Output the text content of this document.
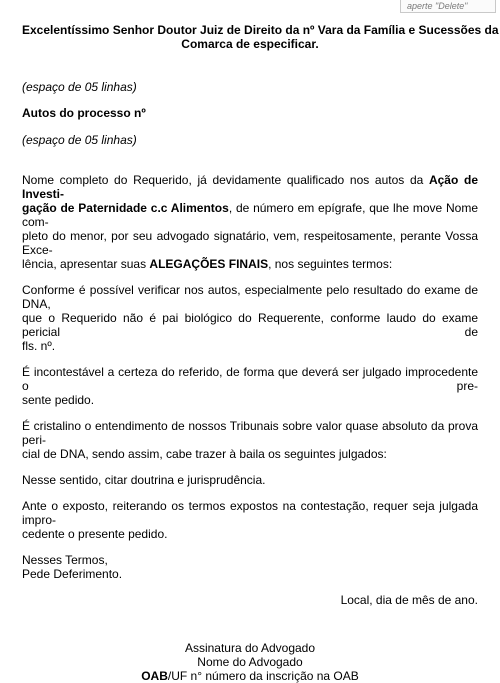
aperte "Delete"
Excelentíssimo Senhor Doutor Juiz de Direito da nº Vara da Família e Sucessões da
Comarca de especificar.

(espaço de 05 linhas)

Autos do processo nº

(espaço de 05 linhas)

Nome completo do Requerido, já devidamente qualificado nos autos da Ação de Investi-
gação de Paternidade c.c Alimentos, de número em epígrafe, que lhe move Nome com-
pleto do menor, por seu advogado signatário, vem, respeitosamente, perante Vossa Exce-
lência, apresentar suas ALEGAÇÕES FINAIS, nos seguintes termos:

Conforme é possível verificar nos autos, especialmente pelo resultado do exame de DNA,
que o Requerido não é pai biológico do Requerente, conforme laudo do exame pericial de
fls. nº.

É incontestável a certeza do referido, de forma que deverá ser julgado improcedente o pre-
sente pedido.

É cristalino o entendimento de nossos Tribunais sobre valor quase absoluto da prova peri-
cial de DNA, sendo assim, cabe trazer à baila os seguintes julgados:

Nesse sentido, citar doutrina e jurisprudência.

Ante o exposto, reiterando os termos expostos na contestação, requer seja julgada impro-
cedente o presente pedido.

Nesses Termos,
Pede Deferimento.

Local, dia de mês de ano.

Assinatura do Advogado
Nome do Advogado
OAB/UF n° número da inscrição na OAB
